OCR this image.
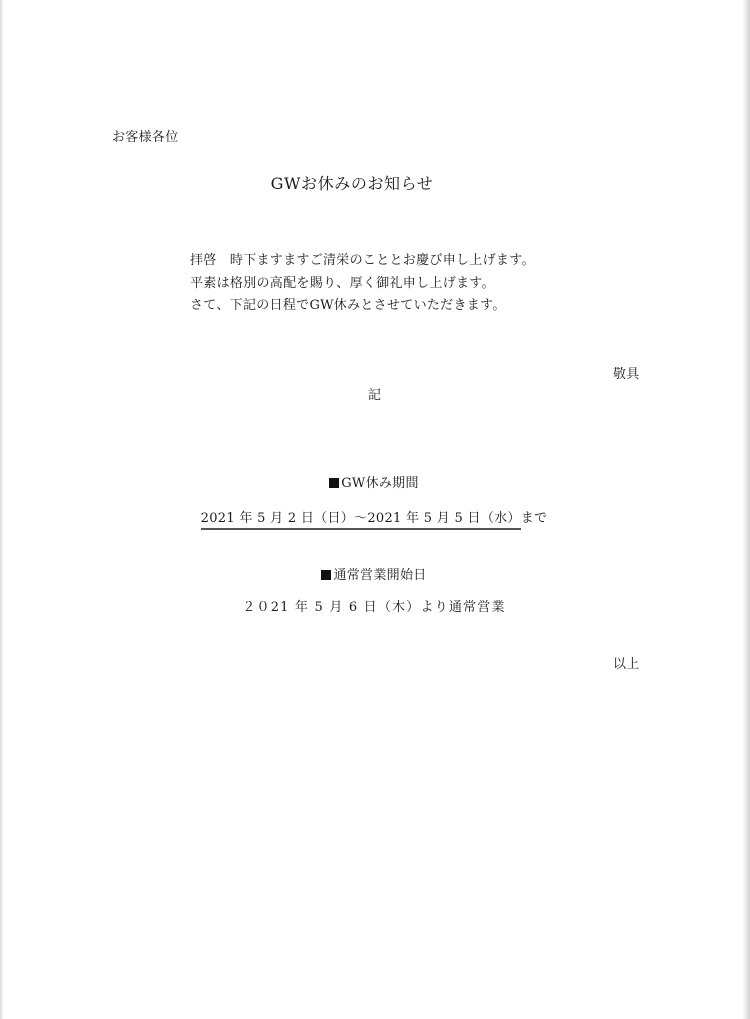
お客様各位
GWお休みのお知らせ
拝啓　時下ますますご清栄のこととお慶び申し上げます。
平素は格別の高配を賜り、厚く御礼申し上げます。
さて、下記の日程でGW休みとさせていただきます。
敬具
記
GW休み期間
2021 年 5 月 2 日（日）～2021 年 5 月 5 日（水）まで
通常営業開始日
２０21 年 5 月 6 日（木）より通常営業
以上
